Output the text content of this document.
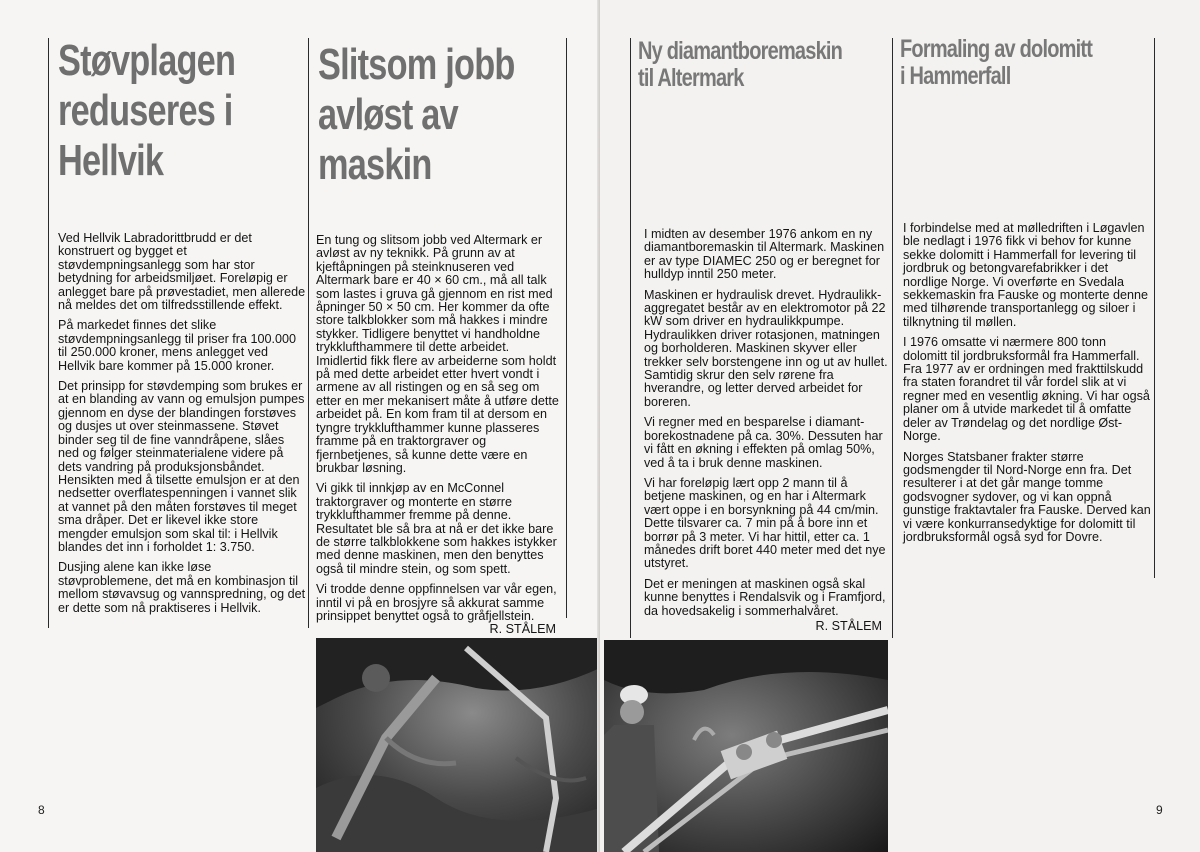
Støvplagen
reduseres i
Hellvik

Ved Hellvik Labradorittbrudd er det konstruert og bygget et støvdempningsanlegg som har stor betydning for arbeidsmiljøet. Foreløpig er anlegget bare på prøvestadiet, men allerede nå meldes det om tilfredsstillende effekt.

På markedet finnes det slike støvdempningsanlegg til priser fra 100.000 til 250.000 kroner, mens anlegget ved Hellvik bare kommer på 15.000 kroner.

Det prinsipp for støvdemping som brukes er at en blanding av vann og emulsjon pumpes gjennom en dyse der blandingen forstøves og dusjes ut over steinmassene. Støvet binder seg til de fine vanndråpene, slåes ned og følger steinmaterialene videre på dets vandring på produksjonsbåndet. Hensikten med å tilsette emulsjon er at den nedsetter overflatespenningen i vannet slik at vannet på den måten forstøves til meget sma dråper. Det er likevel ikke store mengder emulsjon som skal til: i Hellvik blandes det inn i forholdet 1: 3.750.

Dusjing alene kan ikke løse støvproblemene, det må en kombinasjon til mellom støvavsug og vannspredning, og det er dette som nå praktiseres i Hellvik.

Slitsom jobb
avløst av
maskin

En tung og slitsom jobb ved Altermark er avløst av ny teknikk. På grunn av at kjeftåpningen på steinknuseren ved Altermark bare er 40 × 60 cm., må all talk som lastes i gruva gå gjennom en rist med åpninger 50 × 50 cm. Her kommer da ofte store talkblokker som må hakkes i mindre stykker. Tidligere benyttet vi handholdne trykklufthammere til dette arbeidet. Imidlertid fikk flere av arbeiderne som holdt på med dette arbeidet etter hvert vondt i armene av all ristingen og en så seg om etter en mer mekanisert måte å utføre dette arbeidet på. En kom fram til at dersom en tyngre trykklufthammer kunne plasseres framme på en traktorgraver og fjernbetjenes, så kunne dette være en brukbar løsning.

Vi gikk til innkjøp av en McConnel traktorgraver og monterte en større trykklufthammer fremme på denne. Resultatet ble så bra at nå er det ikke bare de større talkblokkene som hakkes istykker med denne maskinen, men den benyttes også til mindre stein, og som spett.

Vi trodde denne oppfinnelsen var vår egen, inntil vi på en brosjyre så akkurat samme prinsippet benyttet også to gråfjellstein.

R. STÅLEM
8
Ny diamantboremaskin
til Altermark

I midten av desember 1976 ankom en ny diamantboremaskin til Altermark. Maskinen er av type DIAMEC 250 og er beregnet for hulldyp inntil 250 meter.

Maskinen er hydraulisk drevet. Hydraulikk-aggregatet består av en elektromotor på 22 kW som driver en hydraulikkpumpe. Hydraulikken driver rotasjonen, matningen og borholderen. Maskinen skyver eller trekker selv borstengene inn og ut av hullet. Samtidig skrur den selv rørene fra hverandre, og letter derved arbeidet for boreren.

Vi regner med en besparelse i diamant-borekostnadene på ca. 30%. Dessuten har vi fått en økning i effekten på omlag 50%, ved å ta i bruk denne maskinen.

Vi har foreløpig lært opp 2 mann til å betjene maskinen, og en har i Altermark vært oppe i en borsynkning på 44 cm/min. Dette tilsvarer ca. 7 min på å bore inn et borrør på 3 meter. Vi har hittil, etter ca. 1 månedes drift boret 440 meter med det nye utstyret.

Det er meningen at maskinen også skal kunne benyttes i Rendalsvik og i Framfjord, da hovedsakelig i sommerhalvåret.

R. STÅLEM
Formaling av dolomitt
i Hammerfall

I forbindelse med at mølledriften i Løgavlen ble nedlagt i 1976 fikk vi behov for kunne sekke dolomitt i Hammerfall for levering til jordbruk og betongvarefabrikker i det nordlige Norge. Vi overførte en Svedala sekkemaskin fra Fauske og monterte denne med tilhørende transportanlegg og siloer i tilknytning til møllen.

I 1976 omsatte vi nærmere 800 tonn dolomitt til jordbruksformål fra Hammerfall. Fra 1977 av er ordningen med frakttilskudd fra staten forandret til vår fordel slik at vi regner med en vesentlig økning. Vi har også planer om å utvide markedet til å omfatte deler av Trøndelag og det nordlige Øst-Norge.

Norges Statsbaner frakter større godsmengder til Nord-Norge enn fra. Det resulterer i at det går mange tomme godsvogner sydover, og vi kan oppnå gunstige fraktavtaler fra Fauske. Derved kan vi være konkurransedyktige for dolomitt til jordbruksformål også syd for Dovre.

9
